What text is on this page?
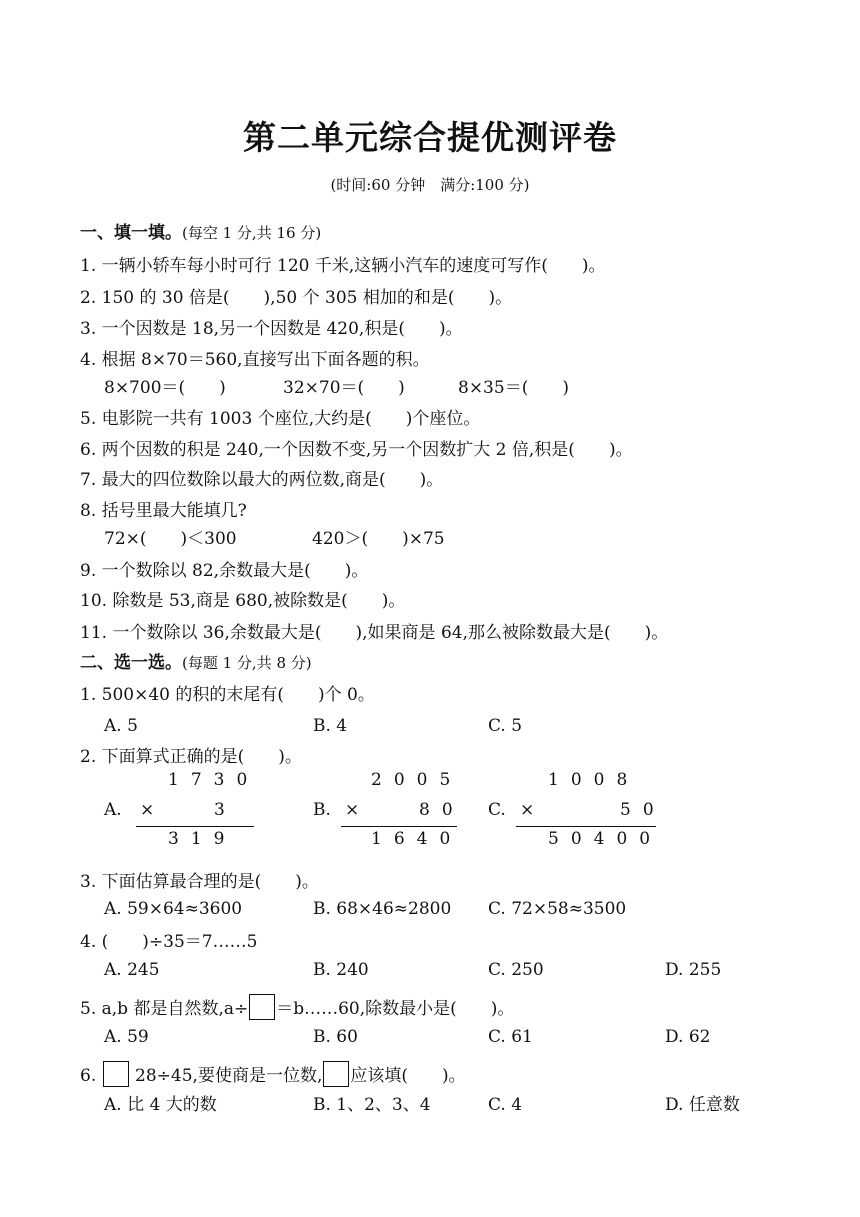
第二单元综合提优测评卷
(时间:60 分钟　满分:100 分)
一、填一填。(每空 1 分,共 16 分)
1. 一辆小轿车每小时可行 120 千米,这辆小汽车的速度可写作(　　)。
2. 150 的 30 倍是(　　),50 个 305 相加的和是(　　)。
3. 一个因数是 18,另一个因数是 420,积是(　　)。
4. 根据 8×70＝560,直接写出下面各题的积。
8×700＝(　　)	32×70＝(　　)	8×35＝(　　)
5. 电影院一共有 1003 个座位,大约是(　　)个座位。
6. 两个因数的积是 240,一个因数不变,另一个因数扩大 2 倍,积是(　　)。
7. 最大的四位数除以最大的两位数,商是(　　)。
8. 括号里最大能填几?
72×(　　)＜300	420＞(　　)×75
9. 一个数除以 82,余数最大是(　　)。
10. 除数是 53,商是 680,被除数是(　　)。
11. 一个数除以 36,余数最大是(　　),如果商是 64,那么被除数最大是(　　)。
二、选一选。(每题 1 分,共 8 分)
1. 500×40 的积的末尾有(　　)个 0。
A. 5	B. 4	C. 5
2. 下面算式正确的是(　　)。
1730
A. ×	3
319
2005
B. ×	80
1640
1008
C. ×	50
50400
3. 下面估算最合理的是(　　)。
A. 59×64≈3600	B. 68×46≈2800 C. 72×58≈3500
4. (　　)÷35＝7……5
A. 245	B. 240	C. 250	D. 255
5. a,b 都是自然数,a÷ ＝b……60,除数最小是(　　)。
A. 59	B. 60	C. 61	D. 62
6. 28÷45,要使商是一位数, 应该填(　　)。
A. 比 4 大的数	B. 1、2、3、4	C. 4	D. 任意数
